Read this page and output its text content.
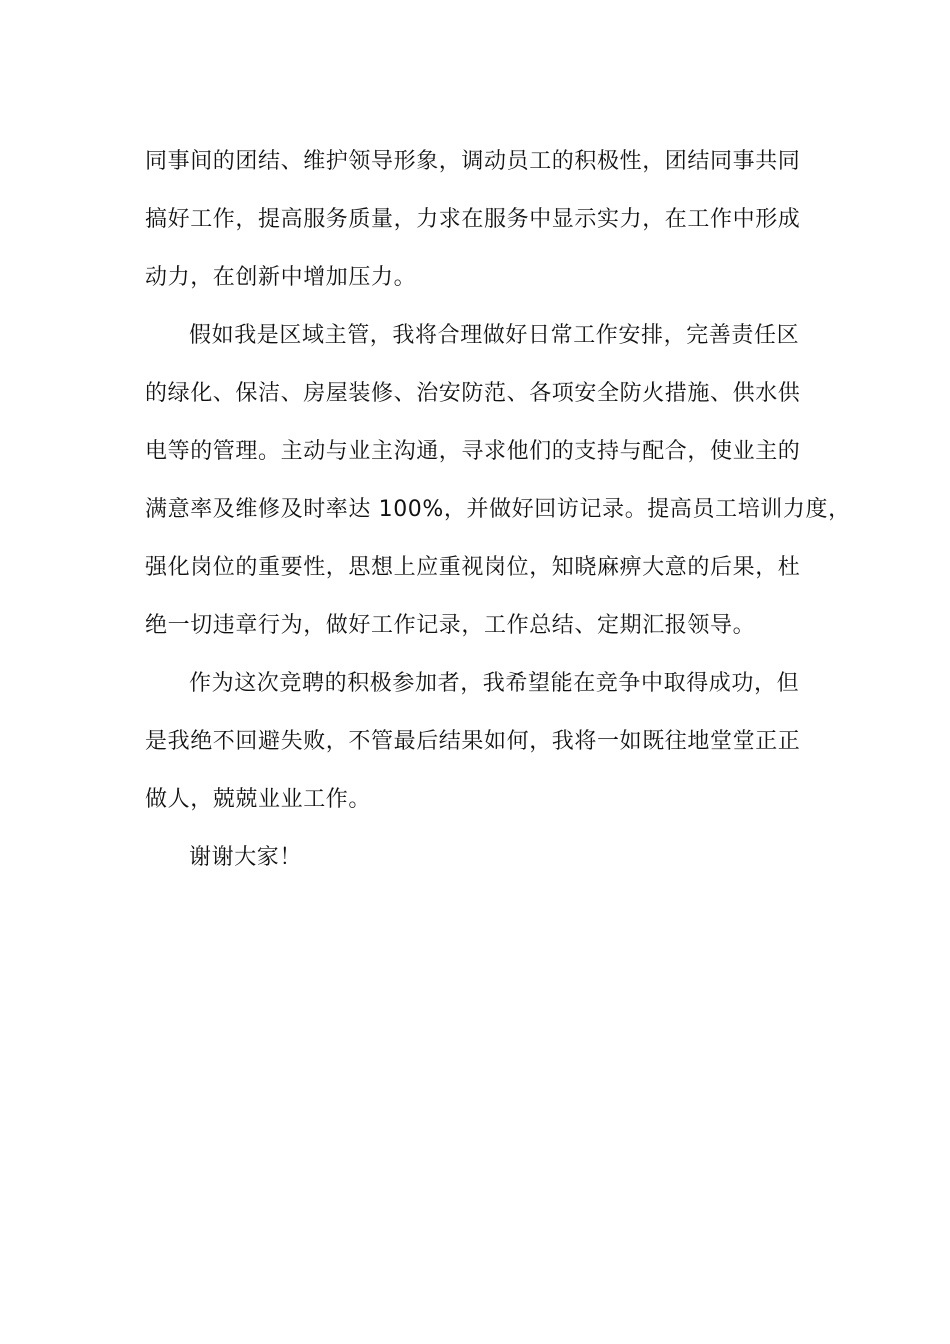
同事间的团结、维护领导形象，调动员工的积极性，团结同事共同
搞好工作，提高服务质量，力求在服务中显示实力，在工作中形成
动力，在创新中增加压力。
假如我是区域主管，我将合理做好日常工作安排，完善责任区
的绿化、保洁、房屋装修、治安防范、各项安全防火措施、供水供
电等的管理。主动与业主沟通，寻求他们的支持与配合，使业主的
满意率及维修及时率达 100%，并做好回访记录。提高员工培训力度，
强化岗位的重要性，思想上应重视岗位，知晓麻痹大意的后果，杜
绝一切违章行为，做好工作记录，工作总结、定期汇报领导。
作为这次竞聘的积极参加者，我希望能在竞争中取得成功，但
是我绝不回避失败，不管最后结果如何，我将一如既往地堂堂正正
做人，兢兢业业工作。
谢谢大家！
